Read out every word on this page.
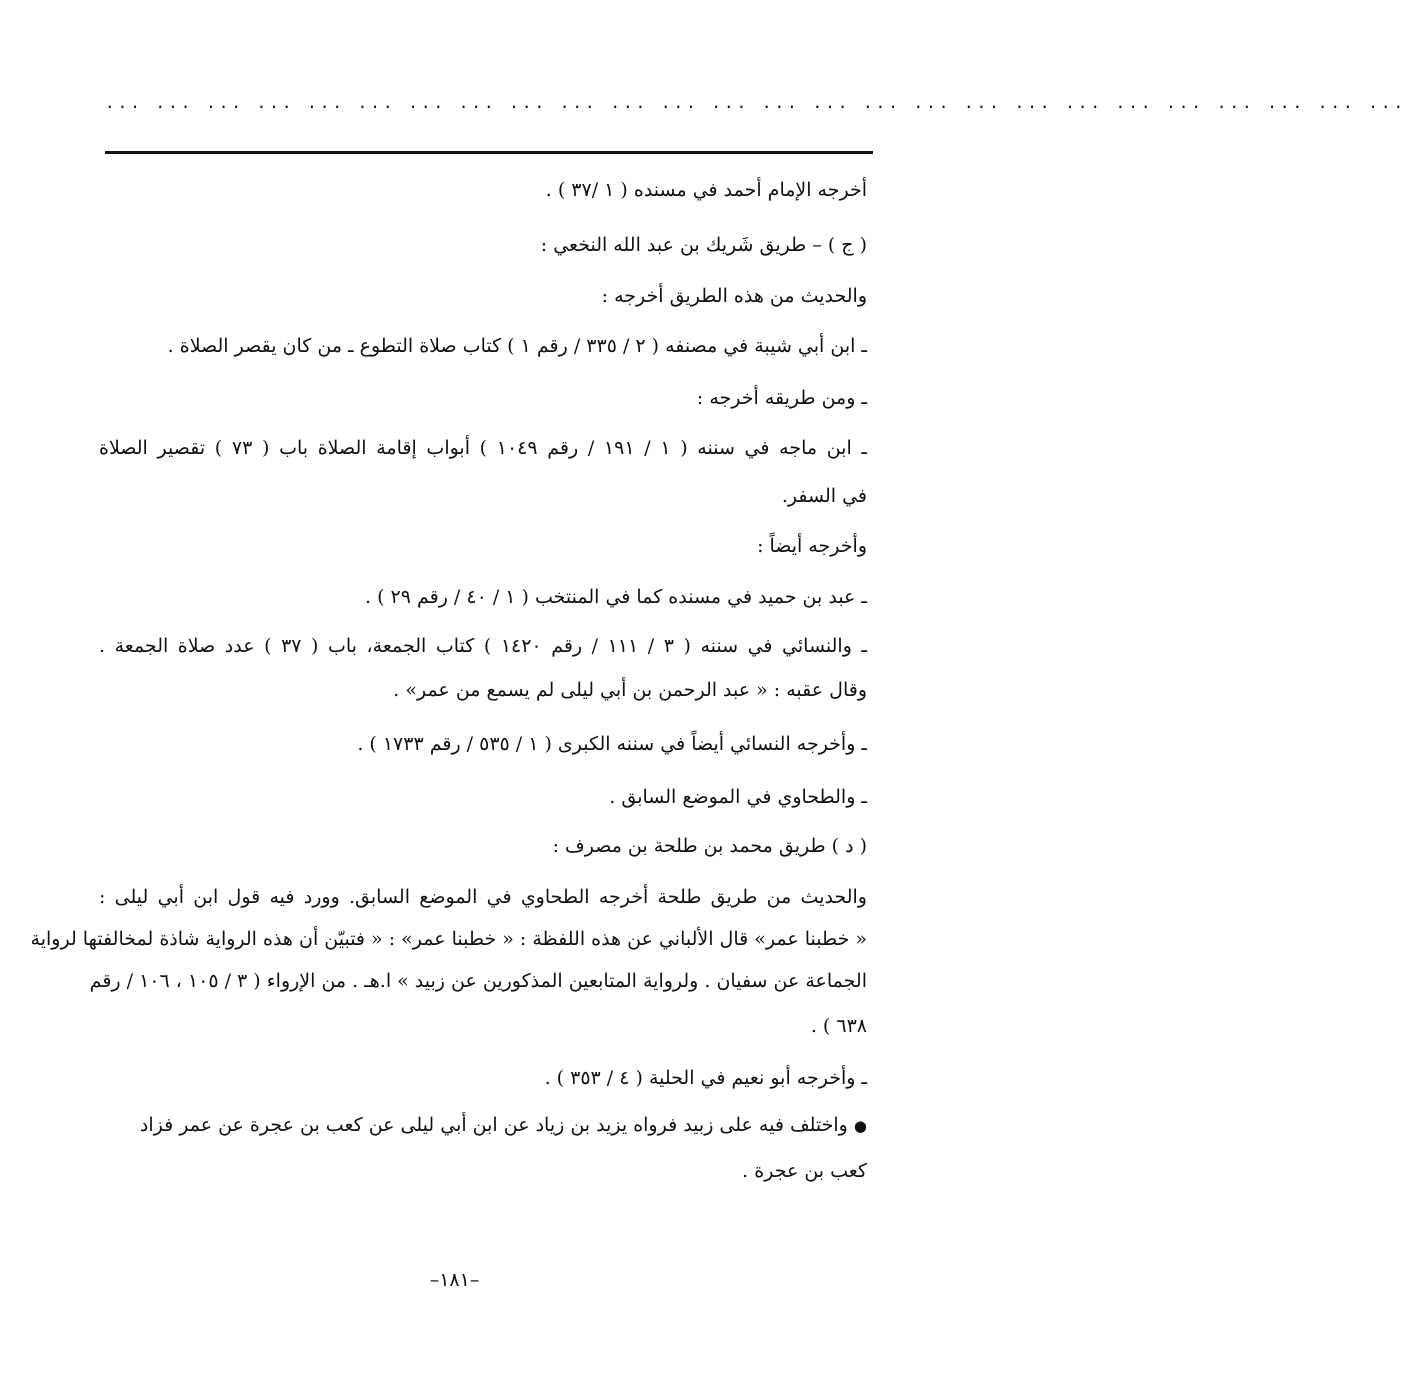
... ... ... ... ... ... ... ... ... ... ... ... ... ... ... ... ... ... ... ... ... ... ... ... ... ...
أخرجه الإمام أحمد في مسنده ( ١ /٣٧ ) .
( ج ) – طريق شَريك بن عبد الله النخعي :
والحديث من هذه الطريق أخرجه :
ـ ابن أبي شيبة في مصنفه ( ٢ / ٣٣٥ / رقم ١ ) كتاب صلاة التطوع ـ من كان يقصر الصلاة .
ـ ومن طريقه أخرجه :
ـ ابن ماجه في سننه ( ١ / ١٩١ / رقم ١٠٤٩ ) أبواب إقامة الصلاة باب ( ٧٣ ) تقصير الصلاة
في السفر.
وأخرجه أيضاً :
ـ عبد بن حميد في مسنده كما في المنتخب ( ١ / ٤٠ / رقم ٢٩ ) .
ـ والنسائي في سننه ( ٣ / ١١١ / رقم ١٤٢٠ ) كتاب الجمعة، باب ( ٣٧ ) عدد صلاة الجمعة .
وقال عقبه : « عبد الرحمن بن أبي ليلى لم يسمع من عمر» .
ـ وأخرجه النسائي أيضاً في سننه الكبرى ( ١ / ٥٣٥ / رقم ١٧٣٣ ) .
ـ والطحاوي في الموضع السابق .
( د ) طريق محمد بن طلحة بن مصرف :
والحديث من طريق طلحة أخرجه الطحاوي في الموضع السابق. وورد فيه قول ابن أبي ليلى :
« خطبنا عمر» قال الألباني عن هذه اللفظة : « خطبنا عمر» : « فتبيّن أن هذه الرواية شاذة لمخالفتها لرواية
الجماعة عن سفيان . ولرواية المتابعين المذكورين عن زبيد » ا.هـ . من الإرواء ( ٣ / ١٠٥ ، ١٠٦ / رقم
٦٣٨ ) .
ـ وأخرجه أبو نعيم في الحلية ( ٤ / ٣٥٣ ) .
● واختلف فيه على زبيد فرواه يزيد بن زياد عن ابن أبي ليلى عن كعب بن عجرة عن عمر فزاد
كعب بن عجرة .
–١٨١–
